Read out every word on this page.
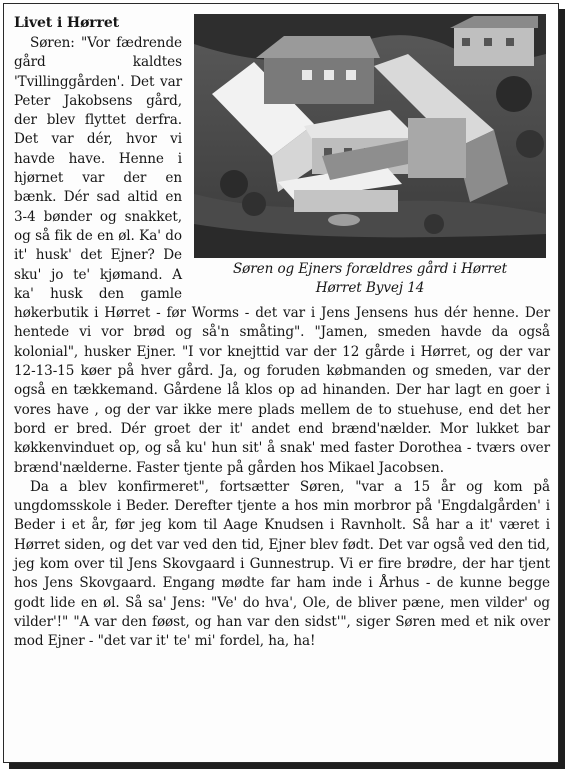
Søren og Ejners forældres gård i Hørret
Hørret Byvej 14
Livet i Hørret

Søren: "Vor fædrende gård kaldtes 'Tvillinggården'. Det var Peter Jakobsens gård, der blev flyttet derfra. Det var dér, hvor vi havde have. Henne i hjørnet var der en bænk. Dér sad altid en 3-4 bønder og snakket, og så fik de en øl. Ka' do it' husk' det Ejner? De sku' jo te' kjømand. A ka' husk den gamle høkerbutik i Hørret - før Worms - det var i Jens Jensens hus dér henne. Der hentede vi vor brød og så'n småting". "Jamen, smeden havde da også kolonial", husker Ejner. "I vor knejttid var der 12 gårde i Hørret, og der var 12-13-15 køer på hver gård. Ja, og foruden købmanden og smeden, var der også en tækkemand. Gårdene lå klos op ad hinanden. Der har lagt en goer i vores have , og der var ikke mere plads mellem de to stuehuse, end det her bord er bred. Dér groet der it' andet end brænd'nælder. Mor lukket bar køkkenvinduet op, og så ku' hun sit' å snak' med faster Dorothea - tværs over brænd'nælderne. Faster tjente på gården hos Mikael Jacobsen.

Da a blev konfirmeret", fortsætter Søren, "var a 15 år og kom på ungdomsskole i Beder. Derefter tjente a hos min morbror på 'Engdalgården' i Beder i et år, før jeg kom til Aage Knudsen i Ravnholt. Så har a it' været i Hørret siden, og det var ved den tid, Ejner blev født. Det var også ved den tid, jeg kom over til Jens Skovgaard i Gunnestrup. Vi er fire brødre, der har tjent hos Jens Skovgaard. Engang mødte far ham inde i Århus - de kunne begge godt lide en øl. Så sa' Jens: "Ve' do hva', Ole, de bliver pæne, men vilder' og vilder'!" "A var den føøst, og han var den sidst'", siger Søren med et nik over mod Ejner - "det var it' te' mi' fordel, ha, ha!
